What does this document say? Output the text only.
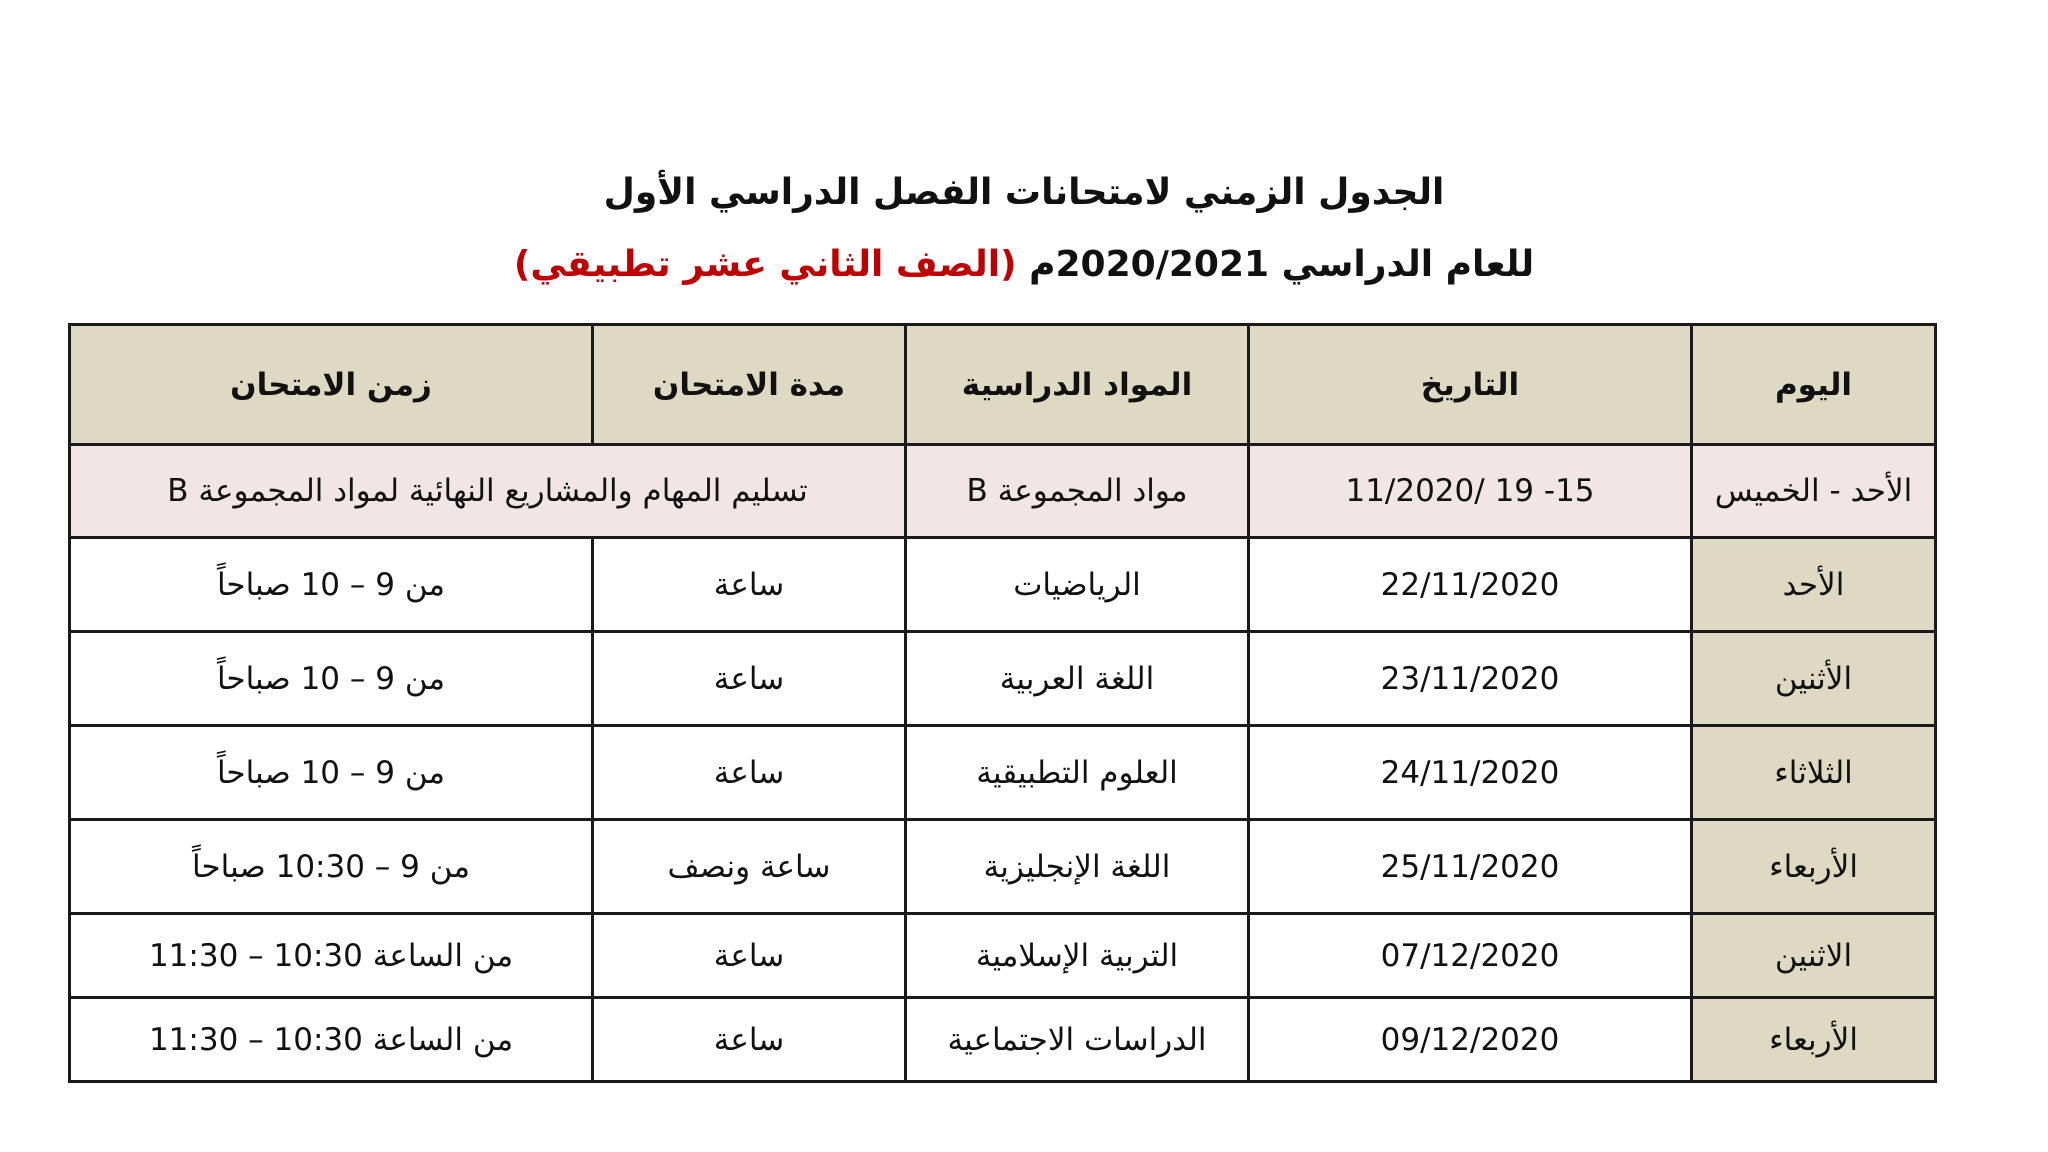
الجدول الزمني لامتحانات الفصل الدراسي الأول
للعام الدراسي 2020/2021م (الصف الثاني عشر تطبيقي)
اليوم	التاريخ	المواد الدراسية	مدة الامتحان	زمن الامتحان
الأحد - الخميس	15- 19 /11/2020	مواد المجموعة B	تسليم المهام والمشاريع النهائية لمواد المجموعة B	
الأحد	22/11/2020	الرياضيات	ساعة	من 9 – 10 صباحاً
الأثنين	23/11/2020	اللغة العربية	ساعة	من 9 – 10 صباحاً
الثلاثاء	24/11/2020	العلوم التطبيقية	ساعة	من 9 – 10 صباحاً
الأربعاء	25/11/2020	اللغة الإنجليزية	ساعة ونصف	من 9 – 10:30 صباحاً
الاثنين	07/12/2020	التربية الإسلامية	ساعة	من الساعة 10:30 – 11:30
الأربعاء	09/12/2020	الدراسات الاجتماعية	ساعة	من الساعة 10:30 – 11:30
